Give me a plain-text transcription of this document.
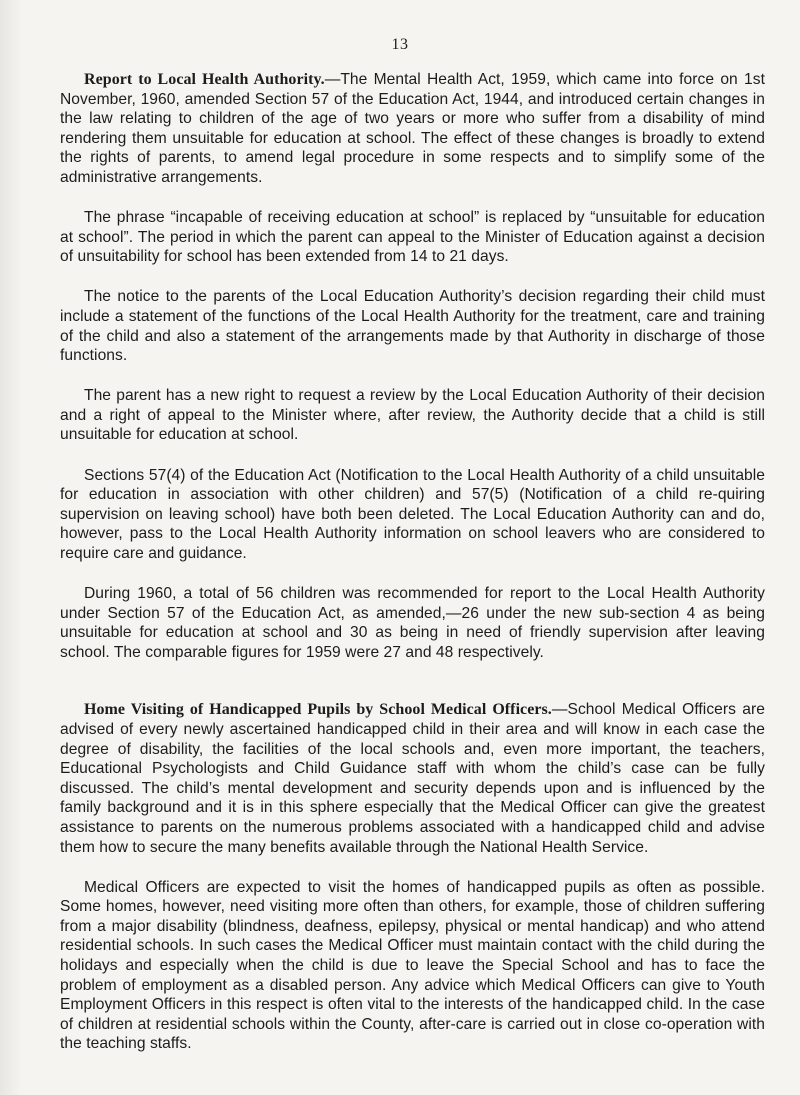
13

Report to Local Health Authority.—The Mental Health Act, 1959, which came into force on 1st November, 1960, amended Section 57 of the Education Act, 1944, and introduced certain changes in the law relating to children of the age of two years or more who suffer from a disability of mind rendering them unsuitable for education at school. The effect of these changes is broadly to extend the rights of parents, to amend legal procedure in some respects and to simplify some of the administrative arrangements.

The phrase “incapable of receiving education at school” is replaced by “unsuitable for education at school”. The period in which the parent can appeal to the Minister of Education against a decision of unsuitability for school has been extended from 14 to 21 days.

The notice to the parents of the Local Education Authority’s decision regarding their child must include a statement of the functions of the Local Health Authority for the treatment, care and training of the child and also a statement of the arrangements made by that Authority in discharge of those functions.

The parent has a new right to request a review by the Local Education Authority of their decision and a right of appeal to the Minister where, after review, the Authority decide that a child is still unsuitable for education at school.

Sections 57(4) of the Education Act (Notification to the Local Health Authority of a child unsuitable for education in association with other children) and 57(5) (Notification of a child re-quiring supervision on leaving school) have both been deleted. The Local Education Authority can and do, however, pass to the Local Health Authority information on school leavers who are considered to require care and guidance.

During 1960, a total of 56 children was recommended for report to the Local Health Authority under Section 57 of the Education Act, as amended,—26 under the new sub-section 4 as being unsuitable for education at school and 30 as being in need of friendly supervision after leaving school. The comparable figures for 1959 were 27 and 48 respectively.

Home Visiting of Handicapped Pupils by School Medical Officers.—School Medical Officers are advised of every newly ascertained handicapped child in their area and will know in each case the degree of disability, the facilities of the local schools and, even more important, the teachers, Educational Psychologists and Child Guidance staff with whom the child’s case can be fully discussed. The child’s mental development and security depends upon and is influenced by the family background and it is in this sphere especially that the Medical Officer can give the greatest assistance to parents on the numerous problems associated with a handicapped child and advise them how to secure the many benefits available through the National Health Service.

Medical Officers are expected to visit the homes of handicapped pupils as often as possible. Some homes, however, need visiting more often than others, for example, those of children suffering from a major disability (blindness, deafness, epilepsy, physical or mental handicap) and who attend residential schools. In such cases the Medical Officer must maintain contact with the child during the holidays and especially when the child is due to leave the Special School and has to face the problem of employment as a disabled person. Any advice which Medical Officers can give to Youth Employment Officers in this respect is often vital to the interests of the handicapped child. In the case of children at residential schools within the County, after-care is carried out in close co-operation with the teaching staffs.
